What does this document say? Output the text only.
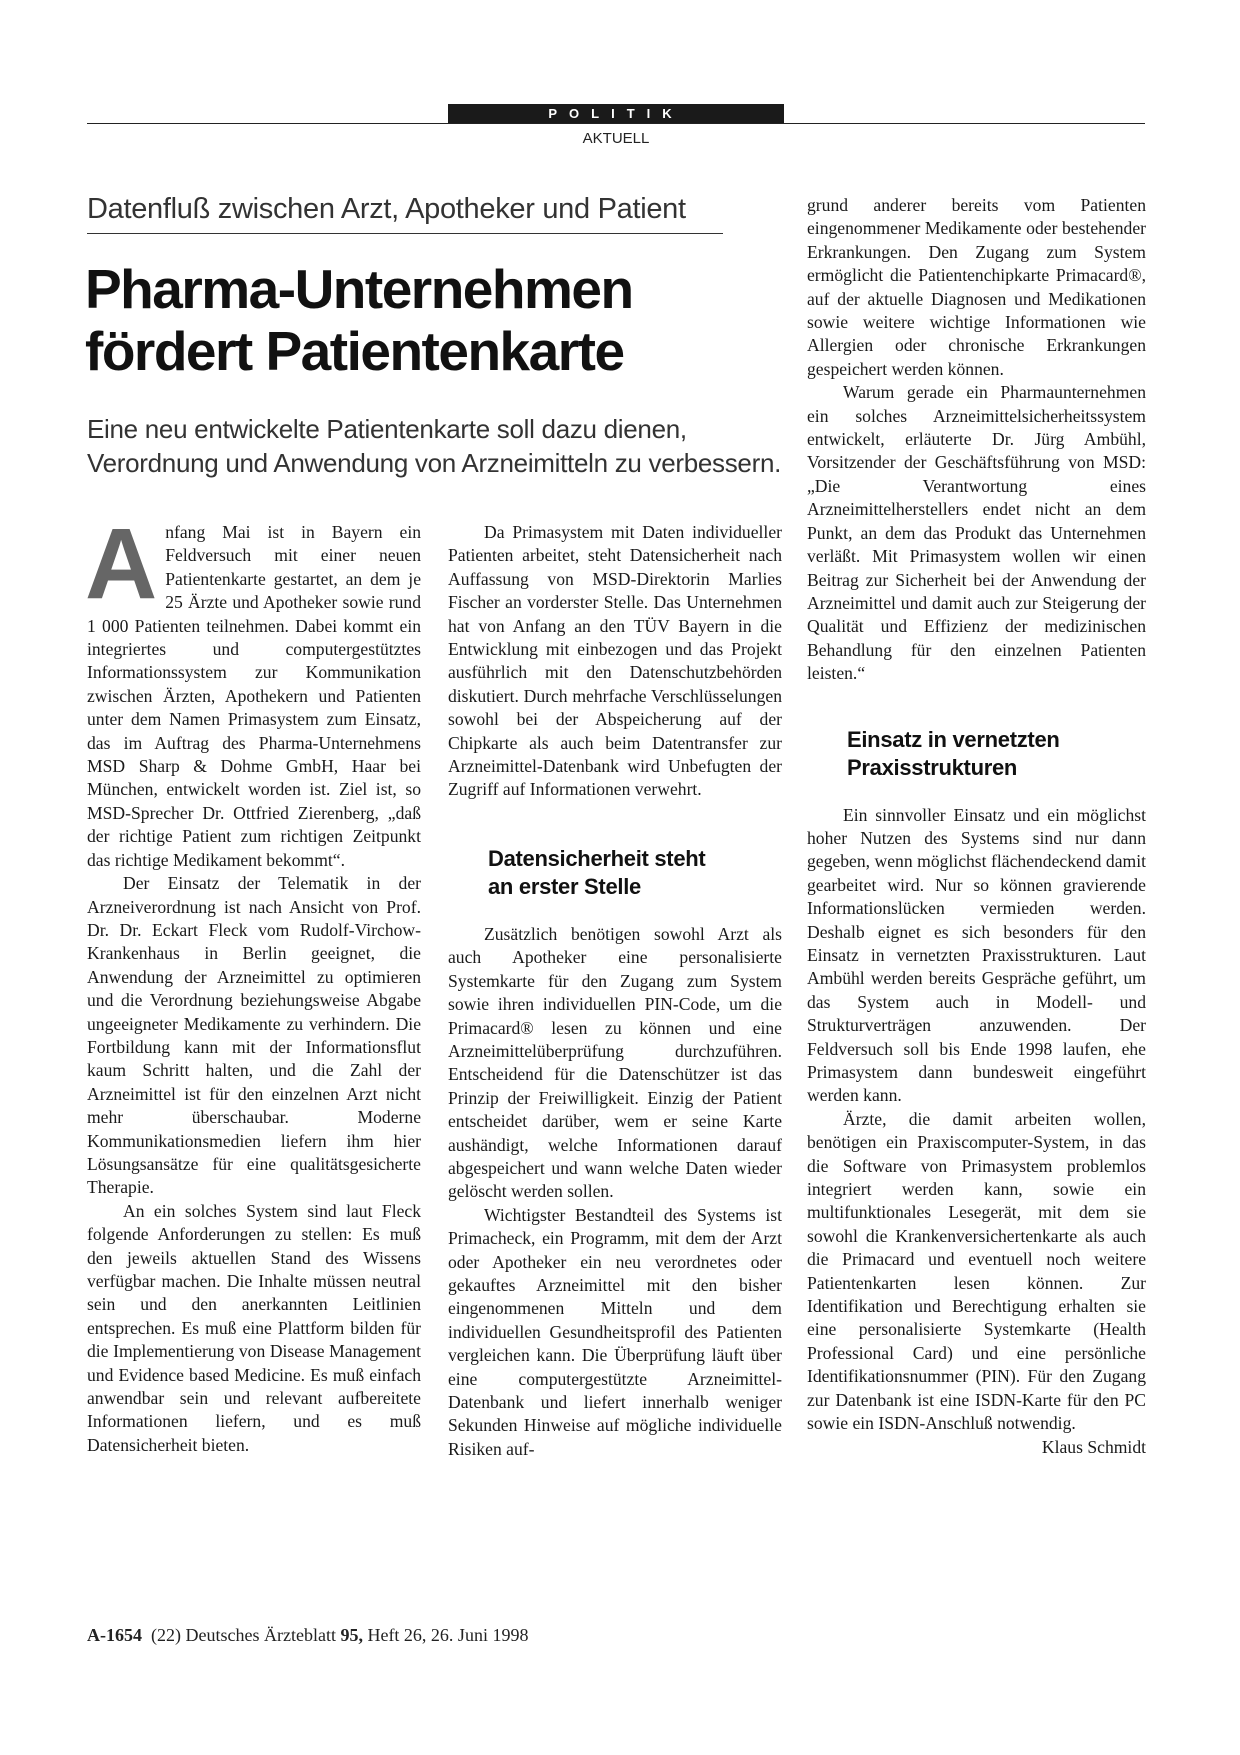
POLITIK
AKTUELL
Datenfluß zwischen Arzt, Apotheker und Patient
Pharma-Unternehmen
fördert Patientenkarte
Eine neu entwickelte Patientenkarte soll dazu dienen, Verordnung und Anwendung von Arzneimitteln zu verbessern.

Anfang Mai ist in Bayern ein Feldversuch mit einer neuen Patientenkarte gestartet, an dem je 25 Ärzte und Apotheker sowie rund 1 000 Patienten teilnehmen. Dabei kommt ein integriertes und computergestütztes Informationssystem zur Kommunikation zwischen Ärzten, Apothekern und Patienten unter dem Namen Primasystem zum Einsatz, das im Auftrag des Pharma-Unternehmens MSD Sharp & Dohme GmbH, Haar bei München, entwickelt worden ist. Ziel ist, so MSD-Sprecher Dr. Ottfried Zierenberg, „daß der richtige Patient zum richtigen Zeitpunkt das richtige Medikament bekommt“.

Der Einsatz der Telematik in der Arzneiverordnung ist nach Ansicht von Prof. Dr. Dr. Eckart Fleck vom Rudolf-Virchow-Krankenhaus in Berlin geeignet, die Anwendung der Arzneimittel zu optimieren und die Verordnung beziehungsweise Abgabe ungeeigneter Medikamente zu verhindern. Die Fortbildung kann mit der Informationsflut kaum Schritt halten, und die Zahl der Arzneimittel ist für den einzelnen Arzt nicht mehr überschaubar. Moderne Kommunikationsmedien liefern ihm hier Lösungsansätze für eine qualitätsgesicherte Therapie.

An ein solches System sind laut Fleck folgende Anforderungen zu stellen: Es muß den jeweils aktuellen Stand des Wissens verfügbar machen. Die Inhalte müssen neutral sein und den anerkannten Leitlinien entsprechen. Es muß eine Plattform bilden für die Implementierung von Disease Management und Evidence based Medicine. Es muß einfach anwendbar sein und relevant aufbereitete Informationen liefern, und es muß Datensicherheit bieten.

Da Primasystem mit Daten individueller Patienten arbeitet, steht Datensicherheit nach Auffassung von MSD-Direktorin Marlies Fischer an vorderster Stelle. Das Unternehmen hat von Anfang an den TÜV Bayern in die Entwicklung mit einbezogen und das Projekt ausführlich mit den Datenschutzbehörden diskutiert. Durch mehrfache Verschlüsselungen sowohl bei der Abspeicherung auf der Chipkarte als auch beim Datentransfer zur Arzneimittel-Datenbank wird Unbefugten der Zugriff auf Informationen verwehrt.

Datensicherheit steht
an erster Stelle

Zusätzlich benötigen sowohl Arzt als auch Apotheker eine personalisierte Systemkarte für den Zugang zum System sowie ihren individuellen PIN-Code, um die Primacard® lesen zu können und eine Arzneimittelüberprüfung durchzuführen. Entscheidend für die Datenschützer ist das Prinzip der Freiwilligkeit. Einzig der Patient entscheidet darüber, wem er seine Karte aushändigt, welche Informationen darauf abgespeichert und wann welche Daten wieder gelöscht werden sollen.

Wichtigster Bestandteil des Systems ist Primacheck, ein Programm, mit dem der Arzt oder Apotheker ein neu verordnetes oder gekauftes Arzneimittel mit den bisher eingenommenen Mitteln und dem individuellen Gesundheitsprofil des Patienten vergleichen kann. Die Überprüfung läuft über eine computergestützte Arzneimittel-Datenbank und liefert innerhalb weniger Sekunden Hinweise auf mögliche individuelle Risiken auf-

grund anderer bereits vom Patienten eingenommener Medikamente oder bestehender Erkrankungen. Den Zugang zum System ermöglicht die Patientenchipkarte Primacard®, auf der aktuelle Diagnosen und Medikationen sowie weitere wichtige Informationen wie Allergien oder chronische Erkrankungen gespeichert werden können.

Warum gerade ein Pharmaunternehmen ein solches Arzneimittelsicherheitssystem entwickelt, erläuterte Dr. Jürg Ambühl, Vorsitzender der Geschäftsführung von MSD: „Die Verantwortung eines Arzneimittelherstellers endet nicht an dem Punkt, an dem das Produkt das Unternehmen verläßt. Mit Primasystem wollen wir einen Beitrag zur Sicherheit bei der Anwendung der Arzneimittel und damit auch zur Steigerung der Qualität und Effizienz der medizinischen Behandlung für den einzelnen Patienten leisten.“

Einsatz in vernetzten
Praxisstrukturen

Ein sinnvoller Einsatz und ein möglichst hoher Nutzen des Systems sind nur dann gegeben, wenn möglichst flächendeckend damit gearbeitet wird. Nur so können gravierende Informationslücken vermieden werden. Deshalb eignet es sich besonders für den Einsatz in vernetzten Praxisstrukturen. Laut Ambühl werden bereits Gespräche geführt, um das System auch in Modell- und Strukturverträgen anzuwenden. Der Feldversuch soll bis Ende 1998 laufen, ehe Primasystem dann bundesweit eingeführt werden kann.

Ärzte, die damit arbeiten wollen, benötigen ein Praxiscomputer-System, in das die Software von Primasystem problemlos integriert werden kann, sowie ein multifunktionales Lesegerät, mit dem sie sowohl die Krankenversichertenkarte als auch die Primacard und eventuell noch weitere Patientenkarten lesen können. Zur Identifikation und Berechtigung erhalten sie eine personalisierte Systemkarte (Health Professional Card) und eine persönliche Identifikationsnummer (PIN). Für den Zugang zur Datenbank ist eine ISDN-Karte für den PC sowie ein ISDN-Anschluß notwendig.

Klaus Schmidt

A-1654 (22) Deutsches Ärzteblatt 95, Heft 26, 26. Juni 1998
